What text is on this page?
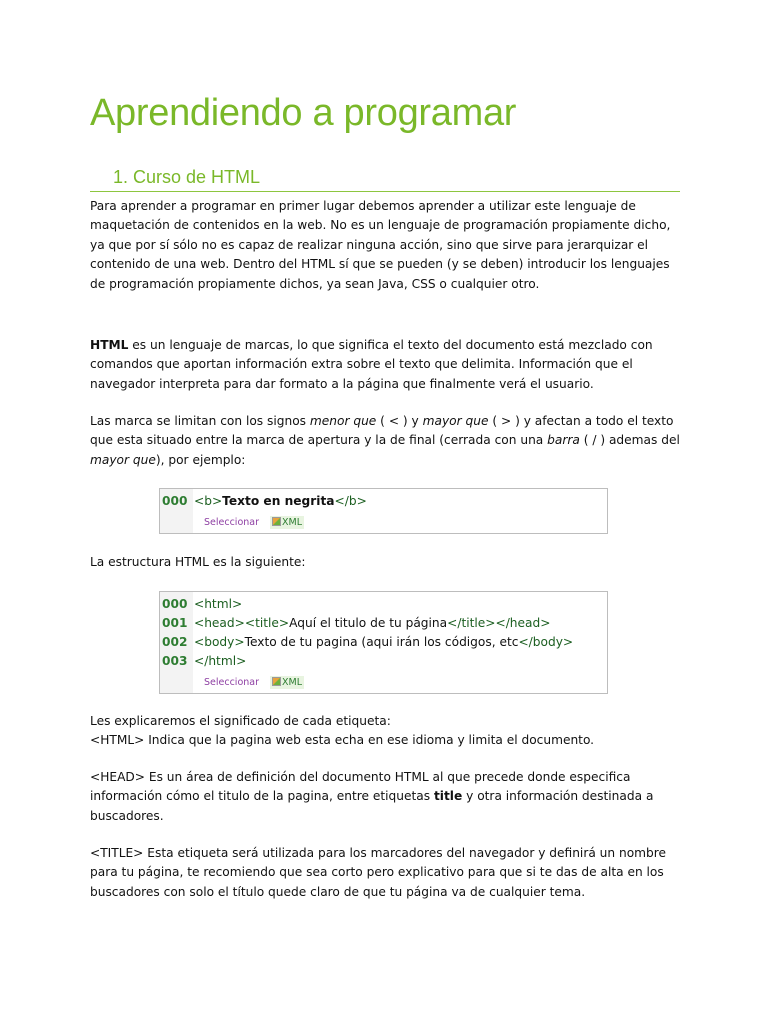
Aprendiendo a programar
1. Curso de HTML

Para aprender a programar en primer lugar debemos aprender a utilizar este lenguaje de maquetación de contenidos en la web. No es un lenguaje de programación propiamente dicho, ya que por sí sólo no es capaz de realizar ninguna acción, sino que sirve para jerarquizar el contenido de una web. Dentro del HTML sí que se pueden (y se deben) introducir los lenguajes de programación propiamente dichos, ya sean Java, CSS o cualquier otro.

HTML es un lenguaje de marcas, lo que significa el texto del documento está mezclado con comandos que aportan información extra sobre el texto que delimita. Información que el navegador interpreta para dar formato a la página que finalmente verá el usuario.

Las marca se limitan con los signos menor que ( < ) y mayor que ( > ) y afectan a todo el texto que esta situado entre la marca de apertura y la de final (cerrada con una barra ( / ) ademas del mayor que), por ejemplo:

000 <b>Texto en negrita</b>
Seleccionar XML

La estructura HTML es la siguiente:

000 <html>
001 <head><title>Aquí el titulo de tu página</title></head>
002 <body>Texto de tu pagina (aqui irán los códigos, etc</body>
003 </html>
Seleccionar XML

Les explicaremos el significado de cada etiqueta:

<HTML> Indica que la pagina web esta echa en ese idioma y limita el documento.

<HEAD> Es un área de definición del documento HTML al que precede donde especifica información cómo el titulo de la pagina, entre etiquetas title y otra información destinada a buscadores.

<TITLE> Esta etiqueta será utilizada para los marcadores del navegador y definirá un nombre para tu página, te recomiendo que sea corto pero explicativo para que si te das de alta en los buscadores con solo el título quede claro de que tu página va de cualquier tema.
